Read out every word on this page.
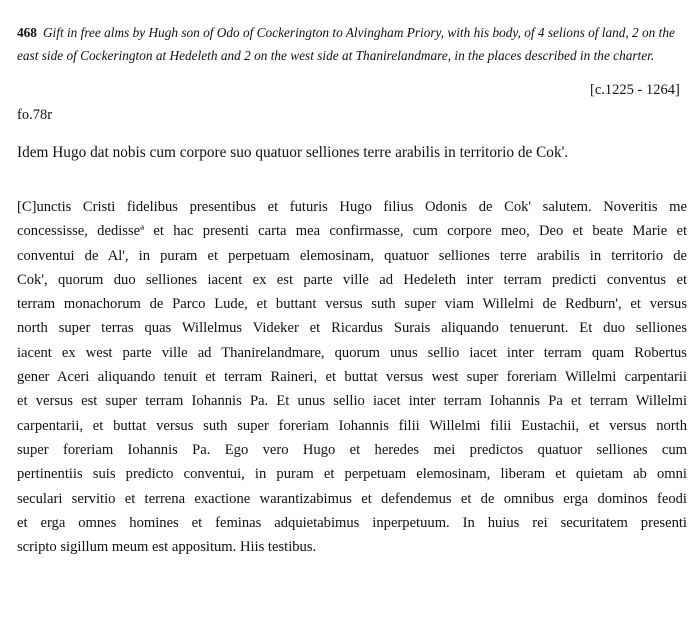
468 Gift in free alms by Hugh son of Odo of Cockerington to Alvingham Priory, with his body, of 4 selions of land, 2 on the east side of Cockerington at Hedeleth and 2 on the west side at Thanirelandmare, in the places described in the charter.
[c.1225 - 1264]
fo.78r
Idem Hugo dat nobis cum corpore suo quatuor selliones terre arabilis in territorio de Cok'.
[C]unctis Cristi fidelibus presentibus et futuris Hugo filius Odonis de Cok' salutem. Noveritis me
concessisse, dedisseª et hac presenti carta mea confirmasse, cum corpore meo, Deo et beate Marie et
conventui de Al', in puram et perpetuam elemosinam, quatuor selliones terre arabilis in territorio de
Cok', quorum duo selliones iacent ex est parte ville ad Hedeleth inter terram predicti conventus et
terram monachorum de Parco Lude, et buttant versus suth super viam Willelmi de Redburn', et versus
north super terras quas Willelmus Videker et Ricardus Surais aliquando tenuerunt. Et duo selliones
iacent ex west parte ville ad Thanirelandmare, quorum unus sellio iacet inter terram quam Robertus
gener Aceri aliquando tenuit et terram Raineri, et buttat versus west super foreriam Willelmi carpentarii
et versus est super terram Iohannis Pa. Et unus sellio iacet inter terram Iohannis Pa et terram Willelmi
carpentarii, et buttat versus suth super foreriam Iohannis filii Willelmi filii Eustachii, et versus north
super foreriam Iohannis Pa. Ego vero Hugo et heredes mei predictos quatuor selliones cum
pertinentiis suis predicto conventui, in puram et perpetuam elemosinam, liberam et quietam ab omni
seculari servitio et terrena exactione warantizabimus et defendemus et de omnibus erga dominos feodi
et erga omnes homines et feminas adquietabimus inperpetuum. In huius rei securitatem presenti
scripto sigillum meum est appositum. Hiis testibus.
